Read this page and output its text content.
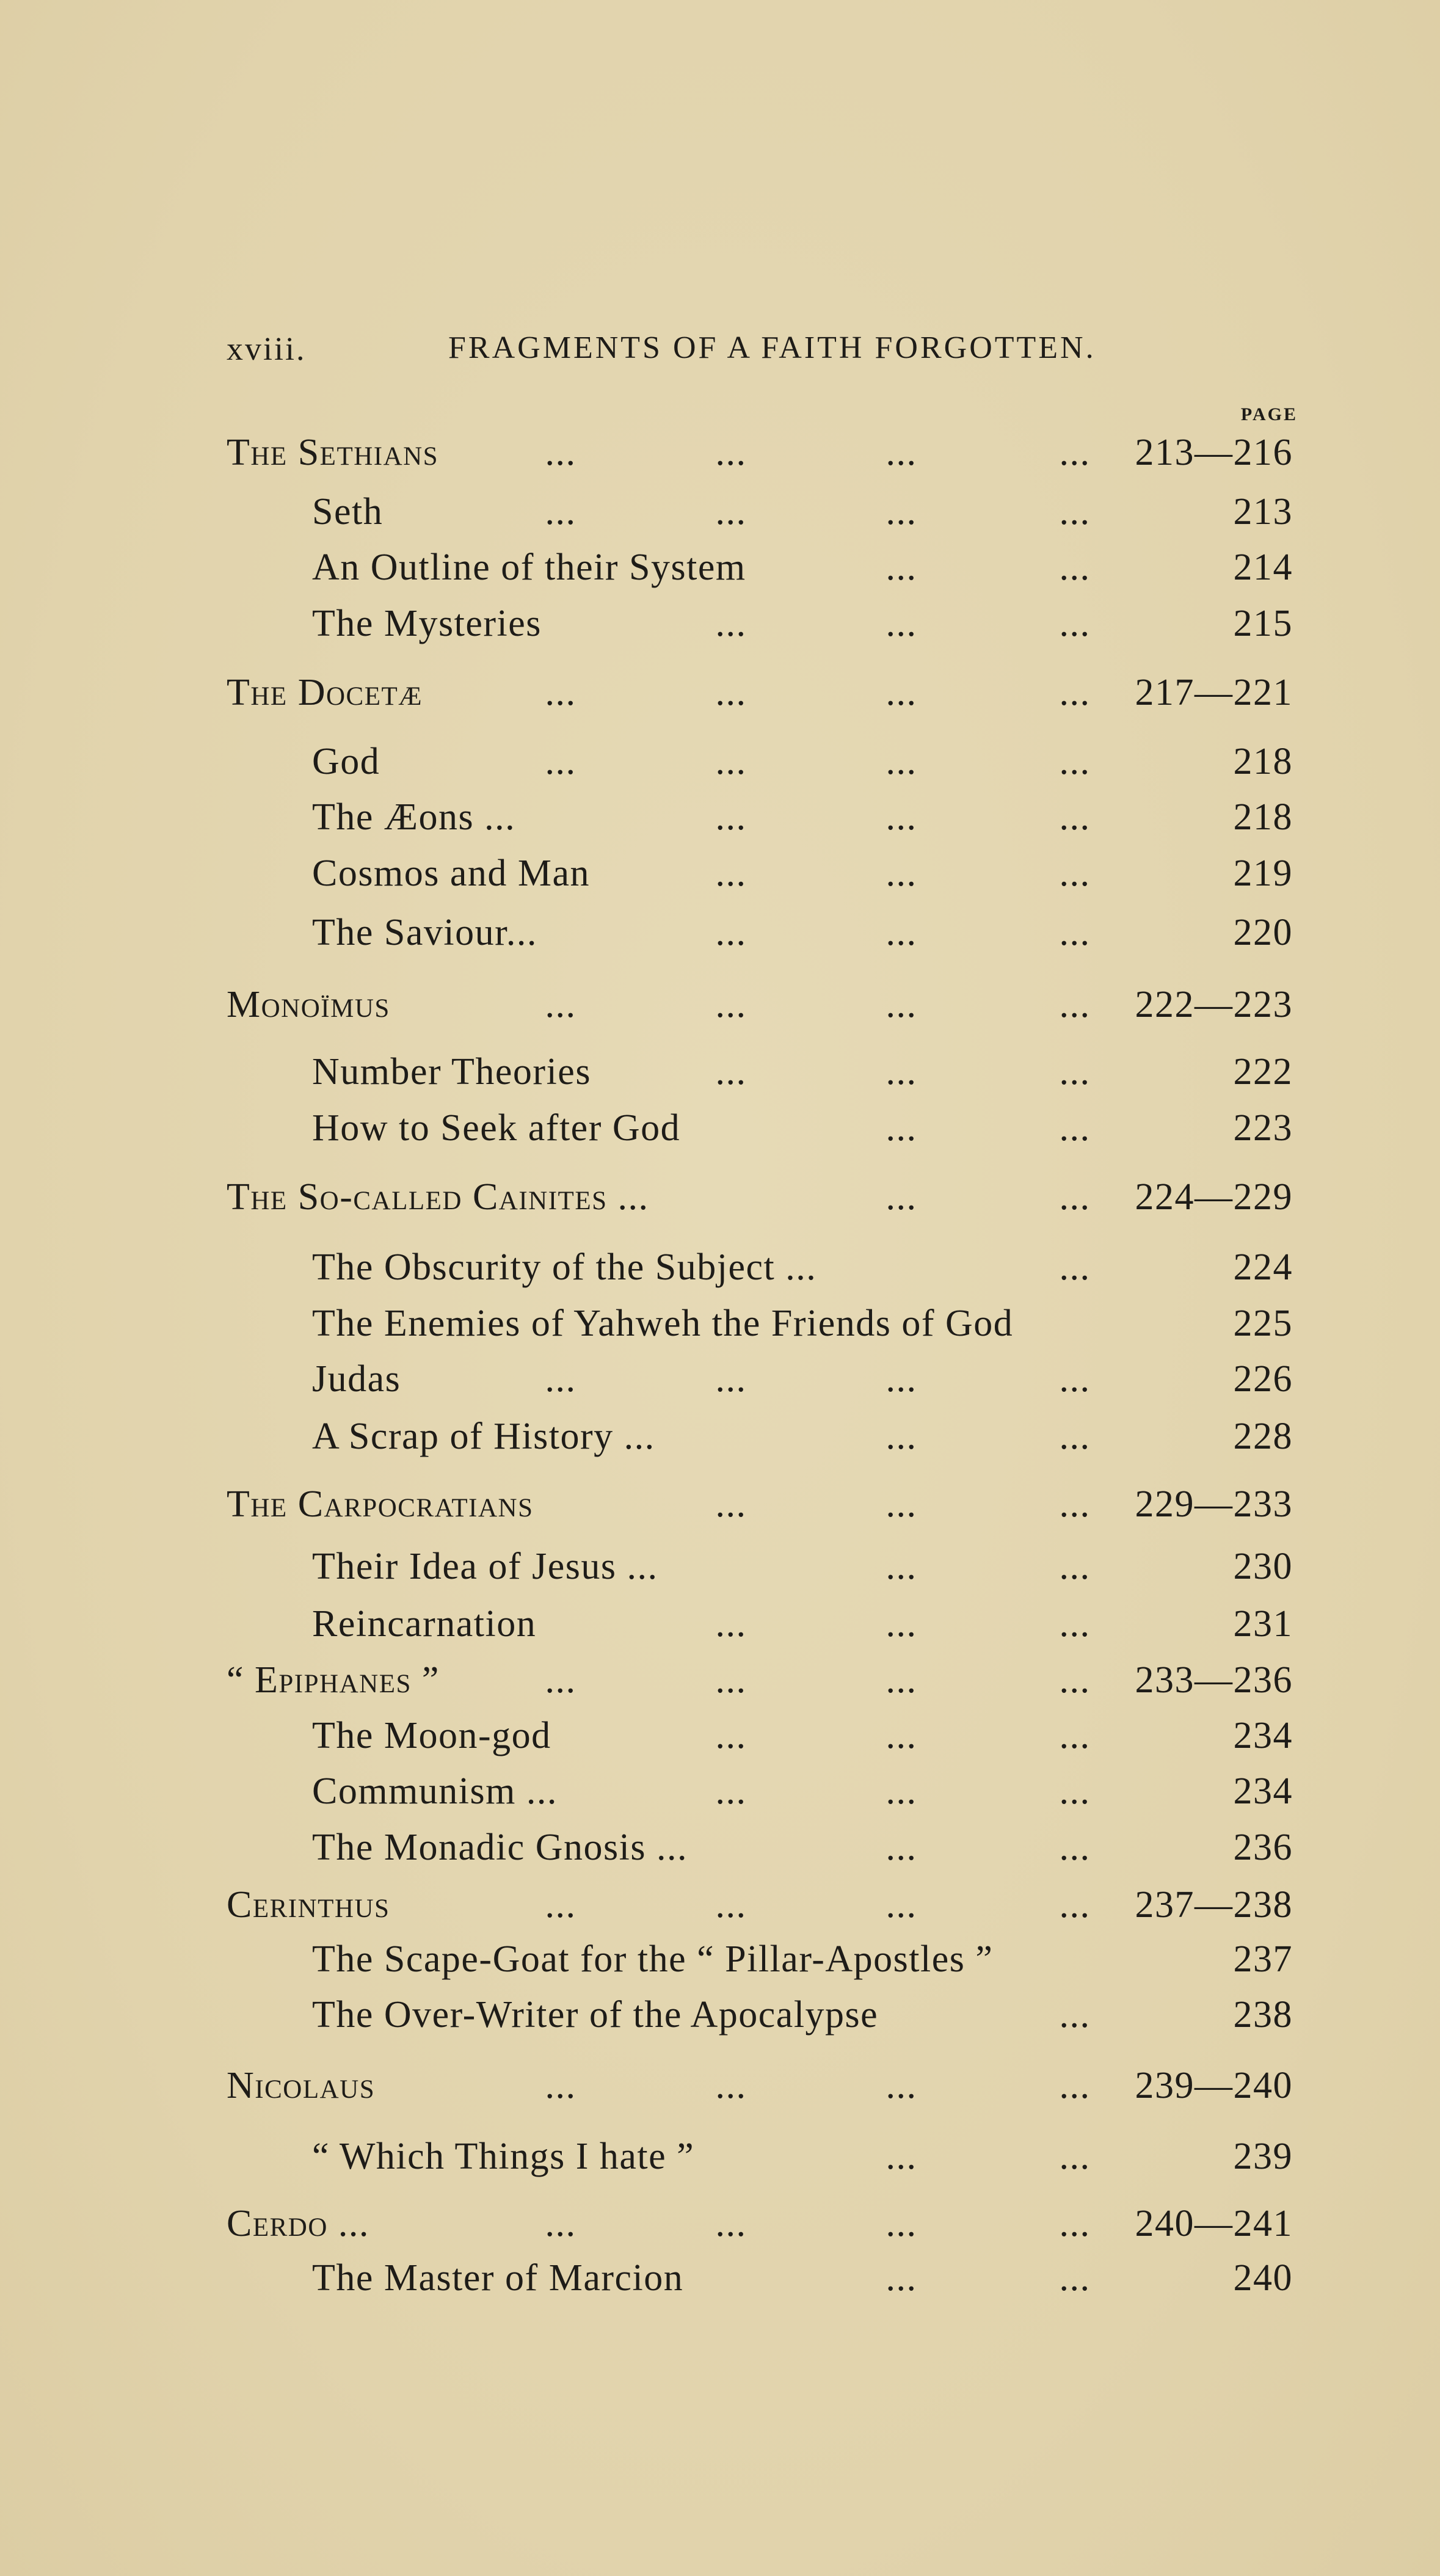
xviii.	FRAGMENTS OF A FAITH FORGOTTEN.
PAGE
The Sethians	...	...	...	...	213—216
Seth	...	...	...	...	213
An Outline of their System	...	...	214
The Mysteries	...	...	...	215
The Docetæ	...	...	...	...	217—221
God	...	...	...	...	218
The Æons ...	...	...	...	218
Cosmos and Man	...	...	...	219
The Saviour...	...	...	...	220
Monoïmus	...	...	...	...	222—223
Number Theories	...	...	...	222
How to Seek after God	...	...	223
The So-called Cainites ...	...	...	224—229
The Obscurity of the Subject ...	...	224
The Enemies of Yahweh the Friends of God	225
Judas	...	...	...	...	226
A Scrap of History ...	...	...	228
The Carpocratians	...	...	...	229—233
Their Idea of Jesus ...	...	...	230
Reincarnation	...	...	...	231
“ Epiphanes ”	...	...	...	...	233—236
The Moon-god	...	...	...	234
Communism ...	...	...	...	234
The Monadic Gnosis ...	...	...	236
Cerinthus	...	...	...	...	237—238
The Scape-Goat for the “ Pillar-Apostles ”	237
The Over-Writer of the Apocalypse	...	238
Nicolaus	...	...	...	...	239—240
“ Which Things I hate ”	...	...	239
Cerdo ...	...	...	...	...	240—241
The Master of Marcion	...	...	240
